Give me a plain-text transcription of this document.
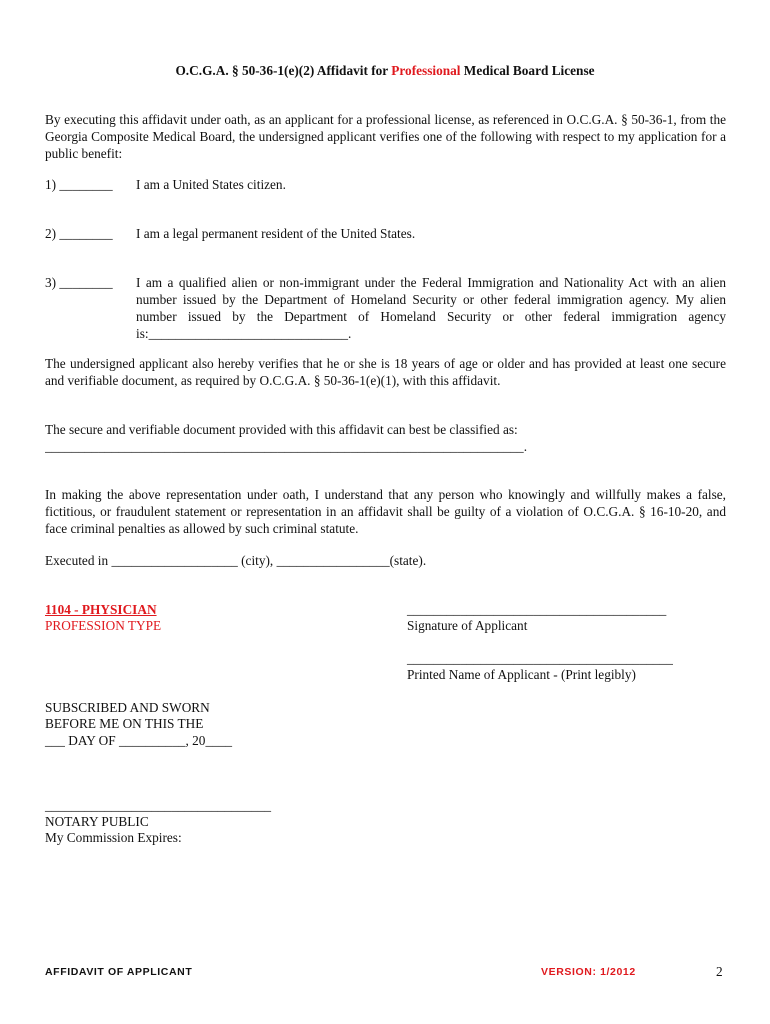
O.C.G.A. § 50-36-1(e)(2) Affidavit for Professional Medical Board License
By executing this affidavit under oath, as an applicant for a professional license, as referenced in O.C.G.A. § 50-36-1, from the Georgia Composite Medical Board, the undersigned applicant verifies one of the following with respect to my application for a public benefit:
1) ________ I am a United States citizen.
2) ________ I am a legal permanent resident of the United States.
3) ________ I am a qualified alien or non-immigrant under the Federal Immigration and Nationality Act with an alien number issued by the Department of Homeland Security or other federal immigration agency. My alien number issued by the Department of Homeland Security or other federal immigration agency is:______________________________.
The undersigned applicant also hereby verifies that he or she is 18 years of age or older and has provided at least one secure and verifiable document, as required by O.C.G.A. § 50-36-1(e)(1), with this affidavit.
The secure and verifiable document provided with this affidavit can best be classified as:
________________________________________________________________________.
In making the above representation under oath, I understand that any person who knowingly and willfully makes a false, fictitious, or fraudulent statement or representation in an affidavit shall be guilty of a violation of O.C.G.A. § 16-10-20, and face criminal penalties as allowed by such criminal statute.
Executed in ___________________ (city), _________________(state).
1104 - PHYSICIAN
PROFESSION TYPE
_______________________________________
Signature of Applicant
________________________________________
Printed Name of Applicant - (Print legibly)
SUBSCRIBED AND SWORN
BEFORE ME ON THIS THE
___ DAY OF __________, 20____
__________________________________
NOTARY PUBLIC
My Commission Expires:
AFFIDAVIT OF APPLICANT	VERSION: 1/2012	2
